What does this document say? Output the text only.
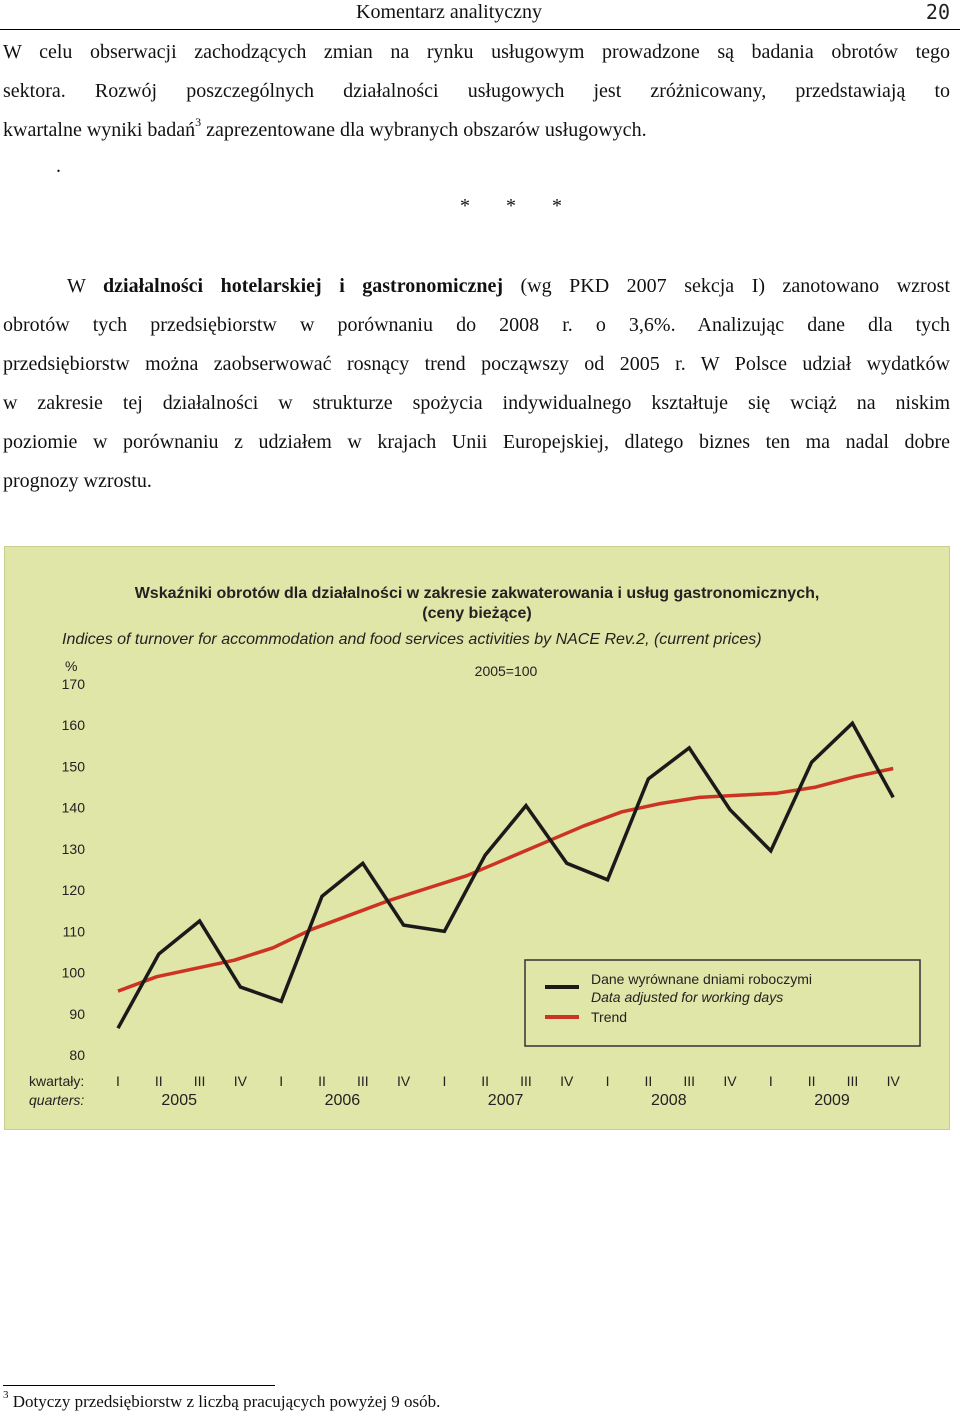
Komentarz analityczny	20

W celu obserwacji zachodzących zmian na rynku usługowym prowadzone są badania obrotów tego
sektora. Rozwój poszczególnych działalności usługowych jest zróżnicowany, przedstawiają to
kwartalne wyniki badań$^3$ zaprezentowane dla wybranych obszarów usługowych.

.
* * *

W działalności hotelarskiej i gastronomicznej (wg PKD 2007 sekcja I) zanotowano wzrost
obrotów tych przedsiębiorstw w porównaniu do 2008 r. o 3,6%. Analizując dane dla tych
przedsiębiorstw można zaobserwować rosnący trend począwszy od 2005 r. W Polsce udział wydatków
w zakresie tej działalności w strukturze spożycia indywidualnego kształtuje się wciąż na niskim
poziomie w porównaniu z udziałem w krajach Unii Europejskiej, dlatego biznes ten ma nadal dobre
prognozy wzrostu.

Wskaźniki obrotów dla działalności w zakresie zakwaterowania i usług gastronomicznych,
(ceny bieżące)
Indices of turnover for accommodation and food services activities by NACE Rev.2, (current prices)
2005=100
%
80
90
100
110
120
130
140
150
160
170
I II III IV I II III IV I II III IV I II III IV I II III IV
2005	2006	2007	2008	2009
kwartały:
quarters:
Dane wyrównane dniami roboczymi
Data adjusted for working days
Trend
$^3$ Dotyczy przedsiębiorstw z liczbą pracujących powyżej 9 osób.
